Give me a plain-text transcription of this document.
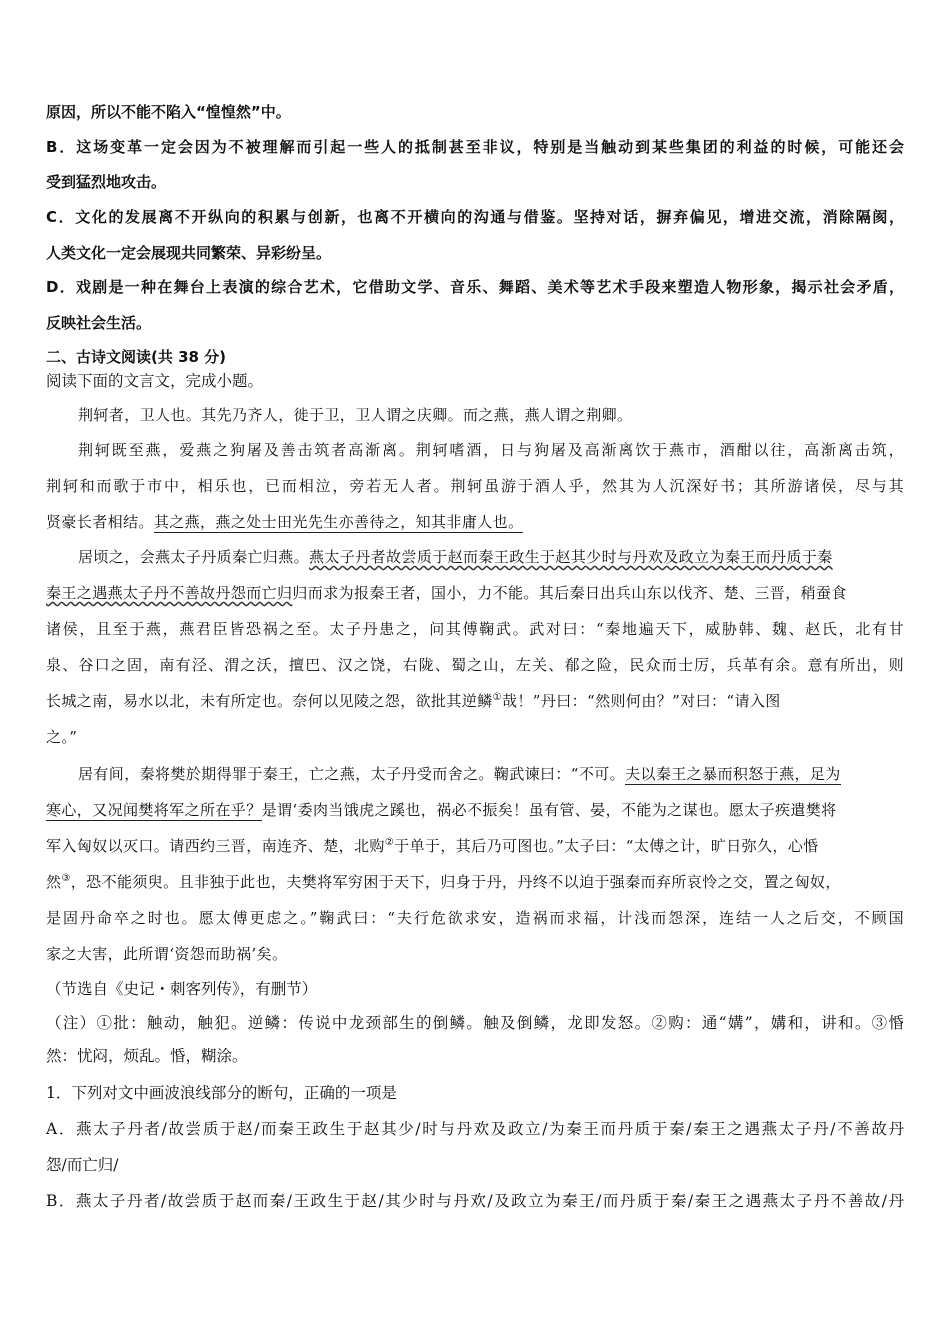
原因，所以不能不陷入“惶惶然”中。
B．这场变革一定会因为不被理解而引起一些人的抵制甚至非议，特别是当触动到某些集团的利益的时候，可能还会
受到猛烈地攻击。
C．文化的发展离不开纵向的积累与创新，也离不开横向的沟通与借鉴。坚持对话，摒弃偏见，增进交流，消除隔阂，
人类文化一定会展现共同繁荣、异彩纷呈。
D．戏剧是一种在舞台上表演的综合艺术，它借助文学、音乐、舞蹈、美术等艺术手段来塑造人物形象，揭示社会矛盾，
反映社会生活。
二、古诗文阅读(共 38 分)
阅读下面的文言文，完成小题。
荆轲者，卫人也。其先乃齐人，徙于卫，卫人谓之庆卿。而之燕，燕人谓之荆卿。
荆轲既至燕，爱燕之狗屠及善击筑者高渐离。荆轲嗜酒，日与狗屠及高渐离饮于燕市，酒酣以往，高渐离击筑，
荆轲和而歌于市中，相乐也，已而相泣，旁若无人者。荆轲虽游于酒人乎，然其为人沉深好书；其所游诸侯，尽与其
贤豪长者相结。其之燕，燕之处士田光先生亦善待之，知其非庸人也。
居顷之，会燕太子丹质秦亡归燕。燕太子丹者故尝质于赵而秦王政生于赵其少时与丹欢及政立为秦王而丹质于秦
秦王之遇燕太子丹不善故丹怨而亡归归而求为报秦王者，国小，力不能。其后秦日出兵山东以伐齐、楚、三晋，稍蚕食
诸侯，且至于燕，燕君臣皆恐祸之至。太子丹患之，问其傅鞠武。武对曰：“秦地遍天下，威胁韩、魏、赵氏，北有甘
泉、谷口之固，南有泾、渭之沃，擅巴、汉之饶，右陇、蜀之山，左关、郩之险，民众而士厉，兵革有余。意有所出，则
长城之南，易水以北，未有所定也。奈何以见陵之怨，欲批其逆鳞①哉！”丹曰：“然则何由？”对曰：“请入图
之。”
居有间，秦将樊於期得罪于秦王，亡之燕，太子丹受而舍之。鞠武谏曰：“不可。夫以秦王之暴而积怒于燕，足为
寒心，又况闻樊将军之所在乎？是谓‘委肉当饿虎之蹊也，祸必不振矣！虽有管、晏，不能为之谋也。愿太子疾遣樊将
军入匈奴以灭口。请西约三晋，南连齐、楚，北购②于单于，其后乃可图也。”太子曰：“太傅之计，旷日弥久，心惛
然③，恐不能须臾。且非独于此也，夫樊将军穷困于天下，归身于丹，丹终不以迫于强秦而弃所哀怜之交，置之匈奴，
是固丹命卒之时也。愿太傅更虑之。”鞠武曰：“夫行危欲求安，造祸而求福，计浅而怨深，连结一人之后交，不顾国
家之大害，此所谓‘资怨而助祸’矣。
（节选自《史记・刺客列传》，有删节）
（注）①批：触动，触犯。逆鳞：传说中龙颈部生的倒鳞。触及倒鳞，龙即发怒。②购：通“媾”，媾和，讲和。③惛
然：忧闷，烦乱。惛，糊涂。
1．下列对文中画波浪线部分的断句，正确的一项是
A．燕太子丹者/故尝质于赵/而秦王政生于赵其少/时与丹欢及政立/为秦王而丹质于秦/秦王之遇燕太子丹/不善故丹
怨/而亡归/
B．燕太子丹者/故尝质于赵而秦/王政生于赵/其少时与丹欢/及政立为秦王/而丹质于秦/秦王之遇燕太子丹不善故/丹
